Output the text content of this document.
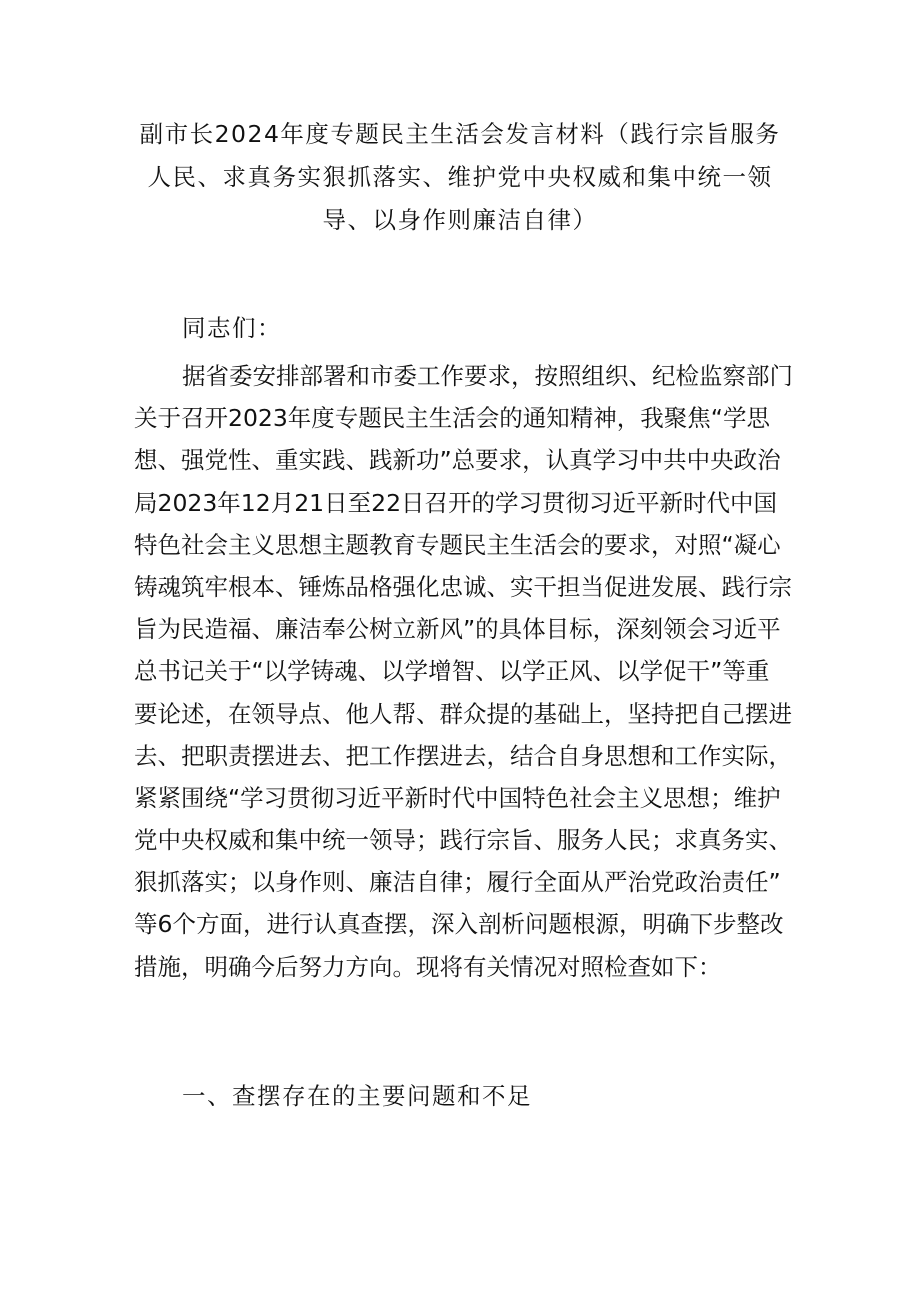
副市长2024年度专题民主生活会发言材料（践行宗旨服务
人民、求真务实狠抓落实、维护党中央权威和集中统一领
导、以身作则廉洁自律）
同志们：
据省委安排部署和市委工作要求，按照组织、纪检监察部门
关于召开2023年度专题民主生活会的通知精神，我聚焦“学思
想、强党性、重实践、践新功”总要求，认真学习中共中央政治
局2023年12月21日至22日召开的学习贯彻习近平新时代中国
特色社会主义思想主题教育专题民主生活会的要求，对照“凝心
铸魂筑牢根本、锤炼品格强化忠诚、实干担当促进发展、践行宗
旨为民造福、廉洁奉公树立新风”的具体目标，深刻领会习近平
总书记关于“以学铸魂、以学增智、以学正风、以学促干”等重
要论述，在领导点、他人帮、群众提的基础上，坚持把自己摆进
去、把职责摆进去、把工作摆进去，结合自身思想和工作实际，
紧紧围绕“学习贯彻习近平新时代中国特色社会主义思想；维护
党中央权威和集中统一领导；践行宗旨、服务人民；求真务实、
狠抓落实；以身作则、廉洁自律；履行全面从严治党政治责任”
等6个方面，进行认真查摆，深入剖析问题根源，明确下步整改
措施，明确今后努力方向。现将有关情况对照检查如下：
一、查摆存在的主要问题和不足
